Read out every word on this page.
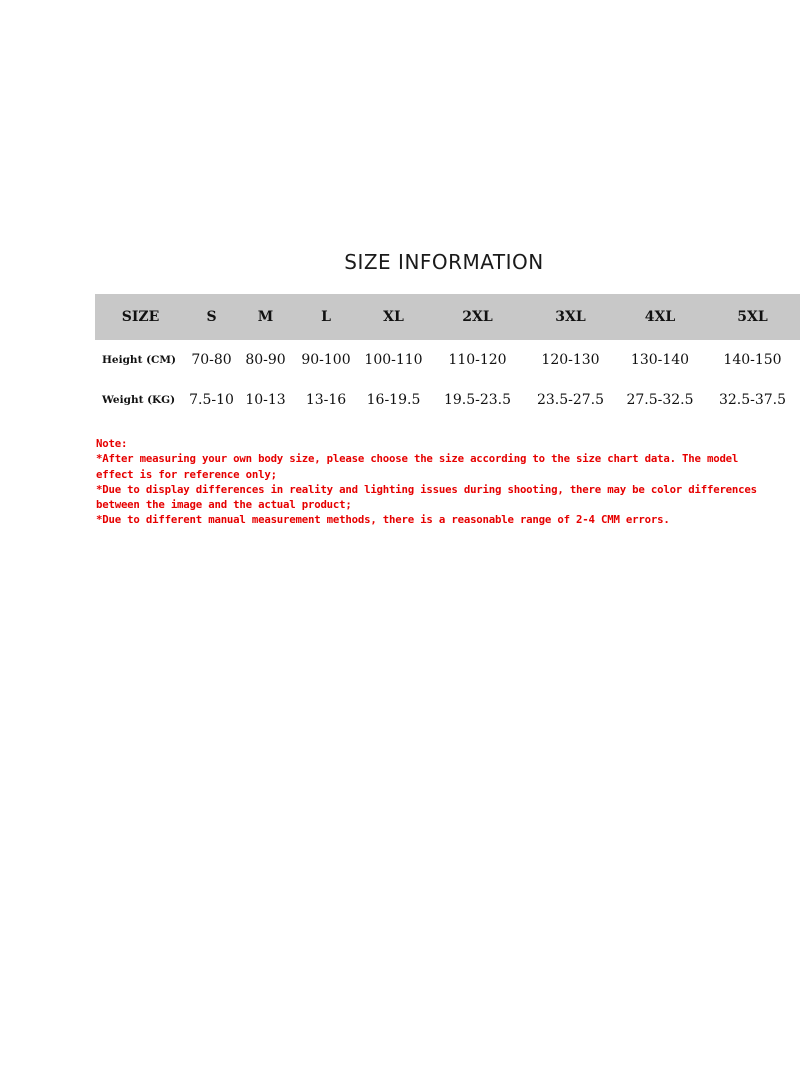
SIZE INFORMATION
SIZE	S	M	L	XL	2XL	3XL	4XL	5XL
Height (CM)	70-80	80-90	90-100	100-110	110-120	120-130	130-140	140-150
Weight (KG)	7.5-10	10-13	13-16	16-19.5	19.5-23.5	23.5-27.5	27.5-32.5	32.5-37.5
Note:
*After measuring your own body size, please choose the size according to the size chart data. The model
effect is for reference only;
*Due to display differences in reality and lighting issues during shooting, there may be color differences
between the image and the actual product;
*Due to different manual measurement methods, there is a reasonable range of 2-4 CMM errors.
